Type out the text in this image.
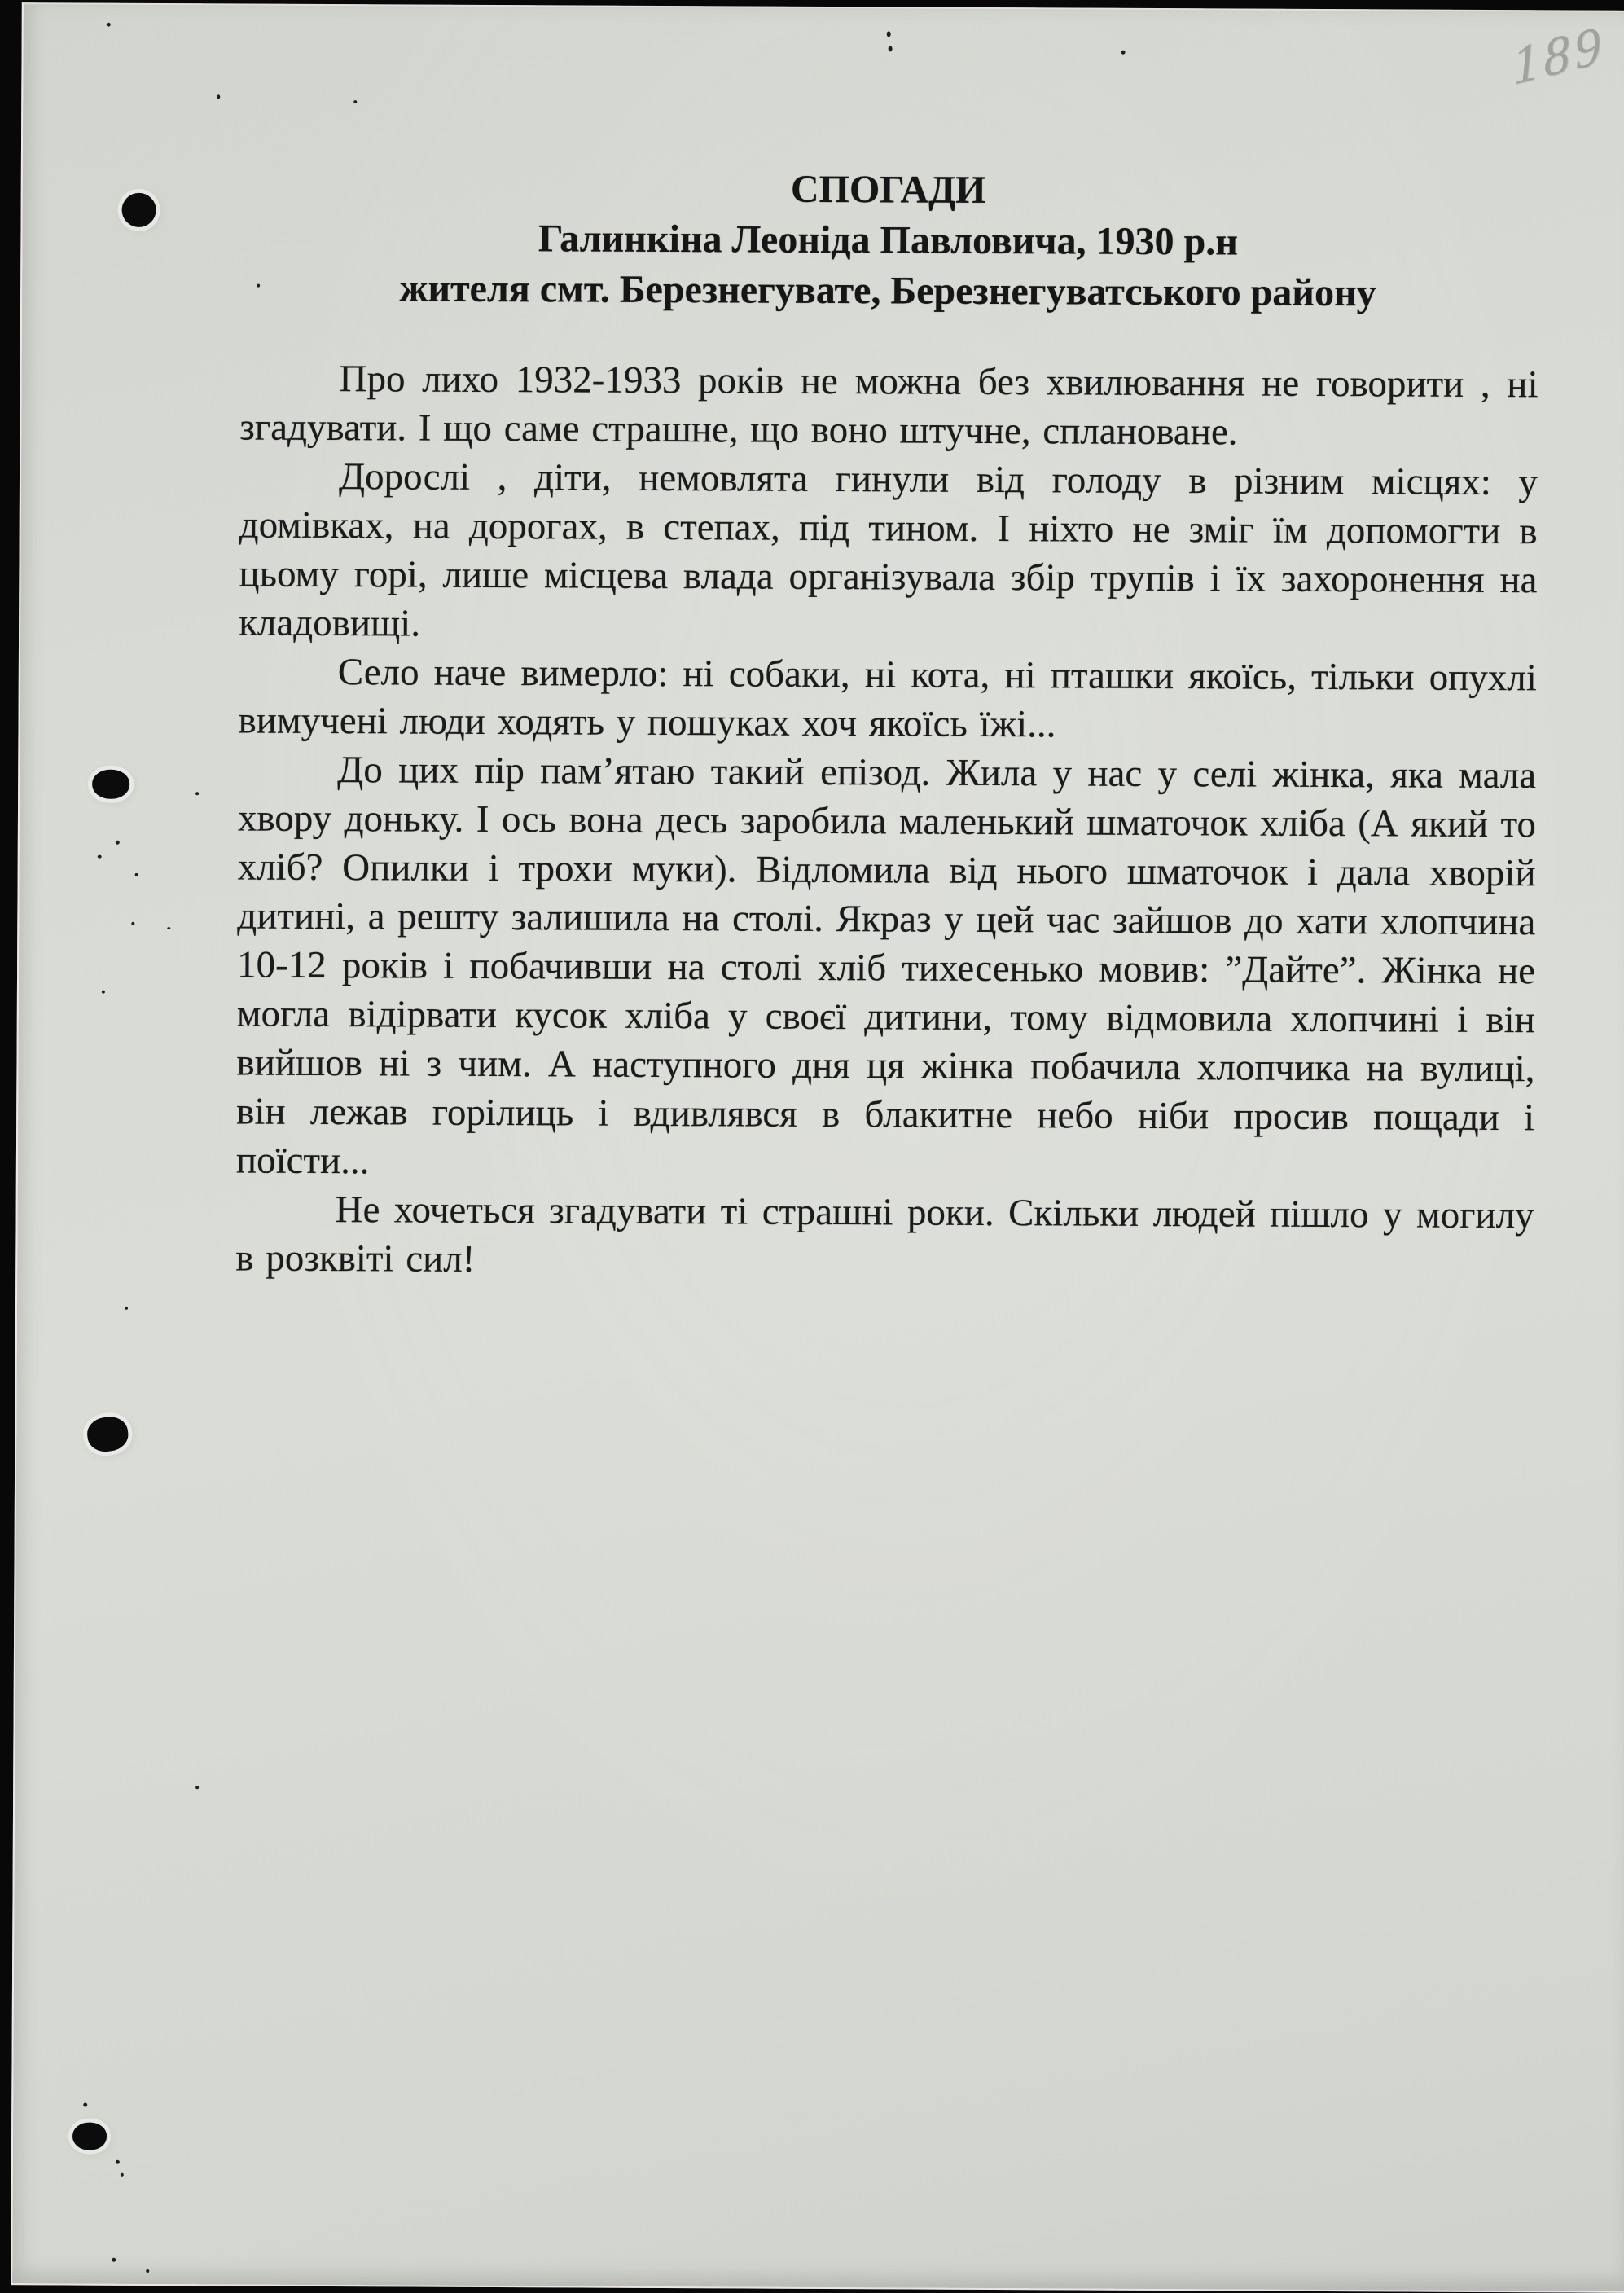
189
СПОГАДИ
Галинкіна Леоніда Павловича, 1930 р.н
жителя смт. Березнегувате, Березнегуватського району

Про лихо 1932-1933 років не можна без хвилювання не говорити , ні згадувати. І що саме страшне, що воно штучне, сплановане.

Дорослі , діти, немовлята гинули від голоду в різним місцях: у домівках, на дорогах, в степах, під тином. І ніхто не зміг їм допомогти в цьому горі, лише місцева влада організувала збір трупів і їх захоронення на кладовищі.

Село наче вимерло: ні собаки, ні кота, ні пташки якоїсь, тільки опухлі вимучені люди ходять у пошуках хоч якоїсь їжі...

До цих пір пам’ятаю такий епізод. Жила у нас у селі жінка, яка мала хвору доньку. І ось вона десь заробила маленький шматочок хліба (А який то хліб? Опилки і трохи муки). Відломила від нього шматочок і дала хворій дитині, а решту залишила на столі. Якраз у цей час зайшов до хати хлопчина 10-12 років і побачивши на столі хліб тихесенько мовив: ”Дайте”. Жінка не могла відірвати кусок хліба у своєї дитини, тому відмовила хлопчині і він вийшов ні з чим. А наступного дня ця жінка побачила хлопчика на вулиці, він лежав горілиць і вдивлявся в блакитне небо ніби просив пощади і поїсти...

Не хочеться згадувати ті страшні роки. Скільки людей пішло у могилу в розквіті сил!
